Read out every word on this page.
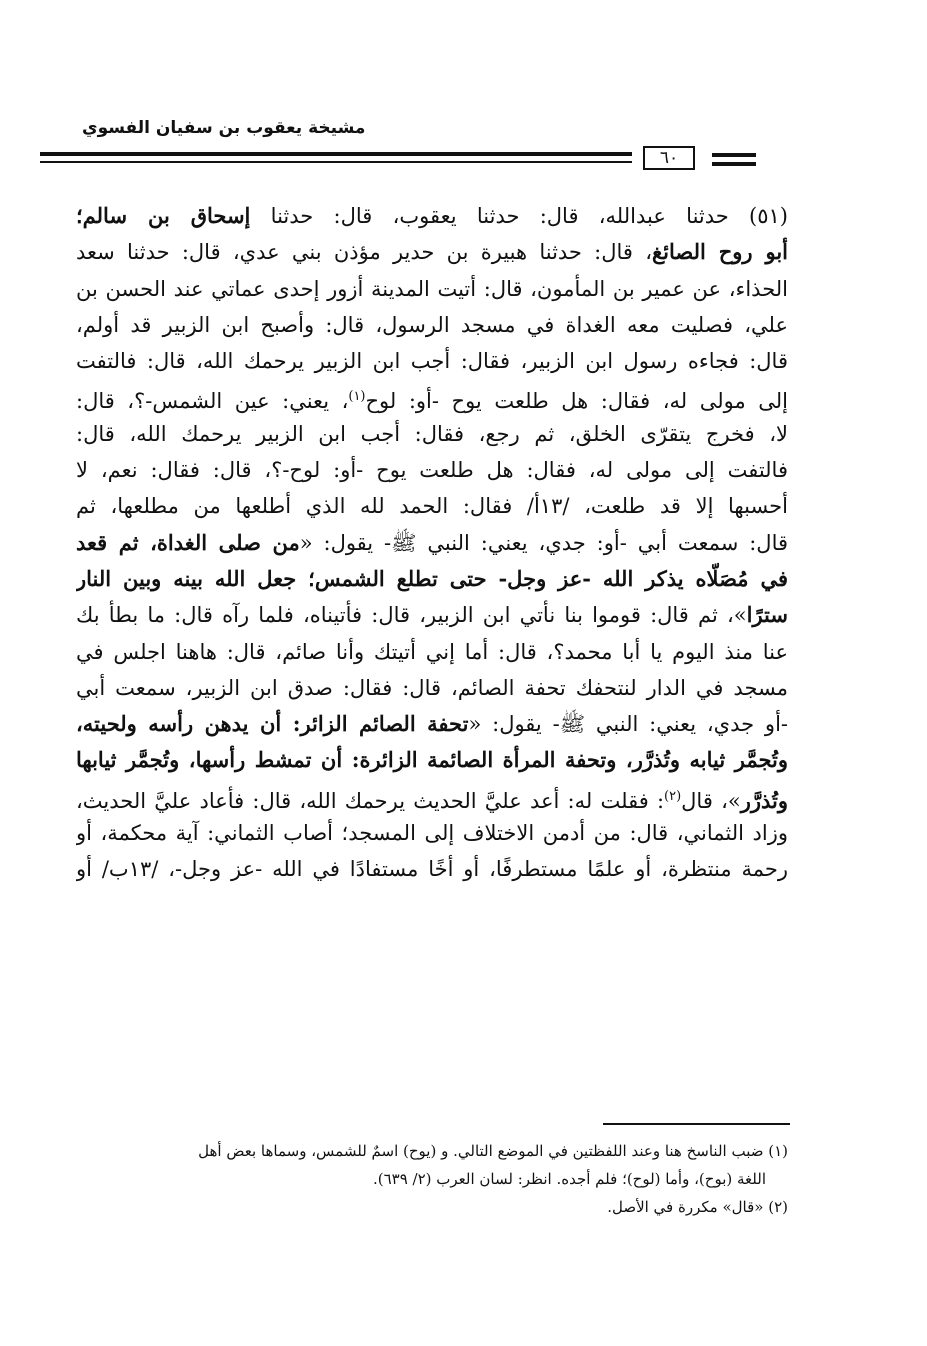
مشيخة يعقوب بن سفيان الفسوي
٦٠
(٥١) حدثنا عبدالله، قال: حدثنا يعقوب، قال: حدثنا إسحاق بن سالم؛
أبو روح الصائغ، قال: حدثنا هبيرة بن حدير مؤذن بني عدي، قال: حدثنا سعد
الحذاء، عن عمير بن المأمون، قال: أتيت المدينة أزور إحدى عماتي عند الحسن بن
علي، فصليت معه الغداة في مسجد الرسول، قال: وأصبح ابن الزبير قد أولم،
قال: فجاءه رسول ابن الزبير، فقال: أجب ابن الزبير يرحمك الله، قال: فالتفت
إلى مولى له، فقال: هل طلعت يوح -أو: لوح$^{(١)}$، يعني: عين الشمس-؟، قال:
لا، فخرج يتقرّى الخلق، ثم رجع، فقال: أجب ابن الزبير يرحمك الله، قال:
فالتفت إلى مولى له، فقال: هل طلعت يوح -أو: لوح-؟، قال: فقال: نعم، لا
أحسبها إلا قد طلعت، /١٣أ/ فقال: الحمد لله الذي أطلعها من مطلعها، ثم
قال: سمعت أبي -أو: جدي، يعني: النبي ﷺ- يقول: «من صلى الغداة، ثم قعد
في مُصَلّاه يذكر الله -عز وجل- حتى تطلع الشمس؛ جعل الله بينه وبين النار
سترًا»، ثم قال: قوموا بنا نأتي ابن الزبير، قال: فأتيناه، فلما رآه قال: ما بطأ بك
عنا منذ اليوم يا أبا محمد؟، قال: أما إني أتيتك وأنا صائم، قال: هاهنا اجلس في
مسجد في الدار لنتحفك تحفة الصائم، قال: فقال: صدق ابن الزبير، سمعت أبي
-أو جدي، يعني: النبي ﷺ- يقول: «تحفة الصائم الزائر: أن يدهن رأسه ولحيته،
وتُجمَّر ثيابه وتُذرَّر، وتحفة المرأة الصائمة الزائرة: أن تمشط رأسها، وتُجمَّر ثيابها
وتُذرَّر»، قال$^{(٢)}$: فقلت له: أعد عليَّ الحديث يرحمك الله، قال: فأعاد عليَّ الحديث،
وزاد الثماني، قال: من أدمن الاختلاف إلى المسجد؛ أصاب الثماني: آية محكمة، أو
رحمة منتظرة، أو علمًا مستطرفًا، أو أخًا مستفادًا في الله -عز وجل-، /١٣ب/ أو
(١) ضبب الناسخ هنا وعند اللفظتين في الموضع التالي. و (يوح) اسمٌ للشمس، وسماها بعض أهل
اللغة (بوح)، وأما (لوح)؛ فلم أجده. انظر: لسان العرب (٢/ ٦٣٩).
(٢) «قال» مكررة في الأصل.
